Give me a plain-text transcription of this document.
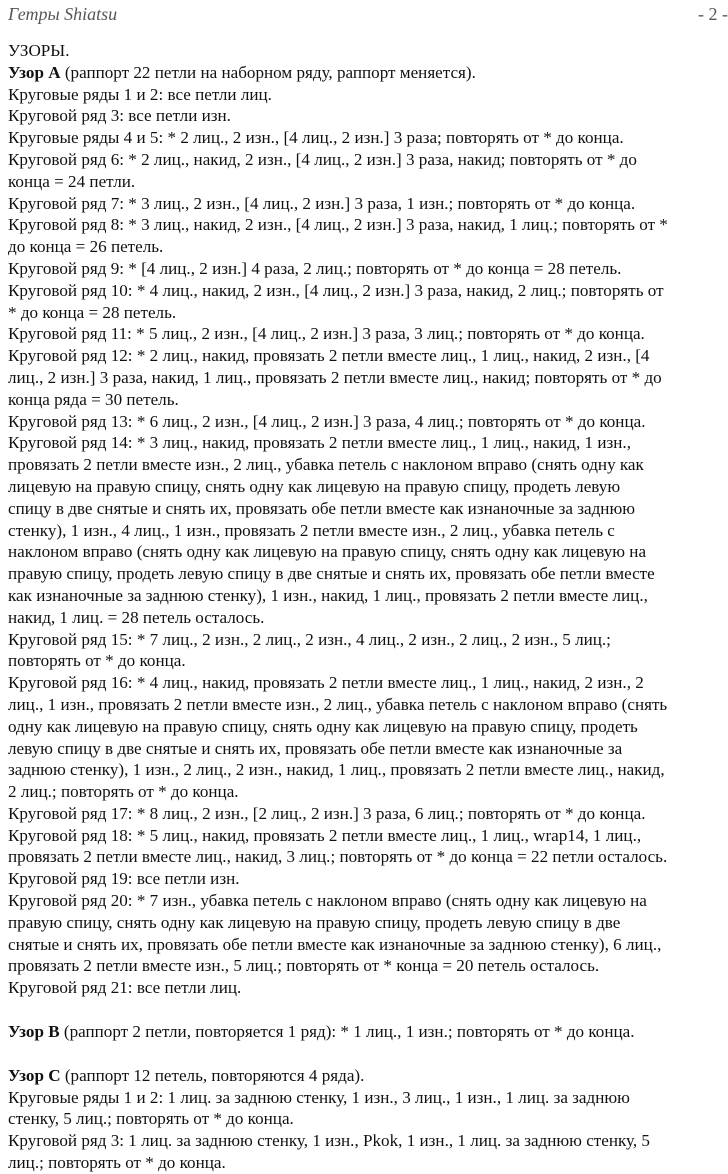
Гетры Shiatsu	- 2 -
УЗОРЫ.
Узор A (раппорт 22 петли на наборном ряду, раппорт меняется).
Круговые ряды 1 и 2: все петли лиц.
Круговой ряд 3: все петли изн.
Круговые ряды 4 и 5: * 2 лиц., 2 изн., [4 лиц., 2 изн.] 3 раза; повторять от * до конца.
Круговой ряд 6: * 2 лиц., накид, 2 изн., [4 лиц., 2 изн.] 3 раза, накид; повторять от * до
конца = 24 петли.
Круговой ряд 7: * 3 лиц., 2 изн., [4 лиц., 2 изн.] 3 раза, 1 изн.; повторять от * до конца.
Круговой ряд 8: * 3 лиц., накид, 2 изн., [4 лиц., 2 изн.] 3 раза, накид, 1 лиц.; повторять от *
до конца = 26 петель.
Круговой ряд 9: * [4 лиц., 2 изн.] 4 раза, 2 лиц.; повторять от * до конца = 28 петель.
Круговой ряд 10: * 4 лиц., накид, 2 изн., [4 лиц., 2 изн.] 3 раза, накид, 2 лиц.; повторять от
* до конца = 28 петель.
Круговой ряд 11: * 5 лиц., 2 изн., [4 лиц., 2 изн.] 3 раза, 3 лиц.; повторять от * до конца.
Круговой ряд 12: * 2 лиц., накид, провязать 2 петли вместе лиц., 1 лиц., накид, 2 изн., [4
лиц., 2 изн.] 3 раза, накид, 1 лиц., провязать 2 петли вместе лиц., накид; повторять от * до
конца ряда = 30 петель.
Круговой ряд 13: * 6 лиц., 2 изн., [4 лиц., 2 изн.] 3 раза, 4 лиц.; повторять от * до конца.
Круговой ряд 14: * 3 лиц., накид, провязать 2 петли вместе лиц., 1 лиц., накид, 1 изн.,
провязать 2 петли вместе изн., 2 лиц., убавка петель с наклоном вправо (снять одну как
лицевую на правую спицу, снять одну как лицевую на правую спицу, продеть левую
спицу в две снятые и снять их, провязать обе петли вместе как изнаночные за заднюю
стенку), 1 изн., 4 лиц., 1 изн., провязать 2 петли вместе изн., 2 лиц., убавка петель с
наклоном вправо (снять одну как лицевую на правую спицу, снять одну как лицевую на
правую спицу, продеть левую спицу в две снятые и снять их, провязать обе петли вместе
как изнаночные за заднюю стенку), 1 изн., накид, 1 лиц., провязать 2 петли вместе лиц.,
накид, 1 лиц. = 28 петель осталось.
Круговой ряд 15: * 7 лиц., 2 изн., 2 лиц., 2 изн., 4 лиц., 2 изн., 2 лиц., 2 изн., 5 лиц.;
повторять от * до конца.
Круговой ряд 16: * 4 лиц., накид, провязать 2 петли вместе лиц., 1 лиц., накид, 2 изн., 2
лиц., 1 изн., провязать 2 петли вместе изн., 2 лиц., убавка петель с наклоном вправо (снять
одну как лицевую на правую спицу, снять одну как лицевую на правую спицу, продеть
левую спицу в две снятые и снять их, провязать обе петли вместе как изнаночные за
заднюю стенку), 1 изн., 2 лиц., 2 изн., накид, 1 лиц., провязать 2 петли вместе лиц., накид,
2 лиц.; повторять от * до конца.
Круговой ряд 17: * 8 лиц., 2 изн., [2 лиц., 2 изн.] 3 раза, 6 лиц.; повторять от * до конца.
Круговой ряд 18: * 5 лиц., накид, провязать 2 петли вместе лиц., 1 лиц., wrap14, 1 лиц.,
провязать 2 петли вместе лиц., накид, 3 лиц.; повторять от * до конца = 22 петли осталось.
Круговой ряд 19: все петли изн.
Круговой ряд 20: * 7 изн., убавка петель с наклоном вправо (снять одну как лицевую на
правую спицу, снять одну как лицевую на правую спицу, продеть левую спицу в две
снятые и снять их, провязать обе петли вместе как изнаночные за заднюю стенку), 6 лиц.,
провязать 2 петли вместе изн., 5 лиц.; повторять от * конца = 20 петель осталось.
Круговой ряд 21: все петли лиц.
Узор B (раппорт 2 петли, повторяется 1 ряд): * 1 лиц., 1 изн.; повторять от * до конца.
Узор C (раппорт 12 петель, повторяются 4 ряда).
Круговые ряды 1 и 2: 1 лиц. за заднюю стенку, 1 изн., 3 лиц., 1 изн., 1 лиц. за заднюю
стенку, 5 лиц.; повторять от * до конца.
Круговой ряд 3: 1 лиц. за заднюю стенку, 1 изн., Pkok, 1 изн., 1 лиц. за заднюю стенку, 5
лиц.; повторять от * до конца.
